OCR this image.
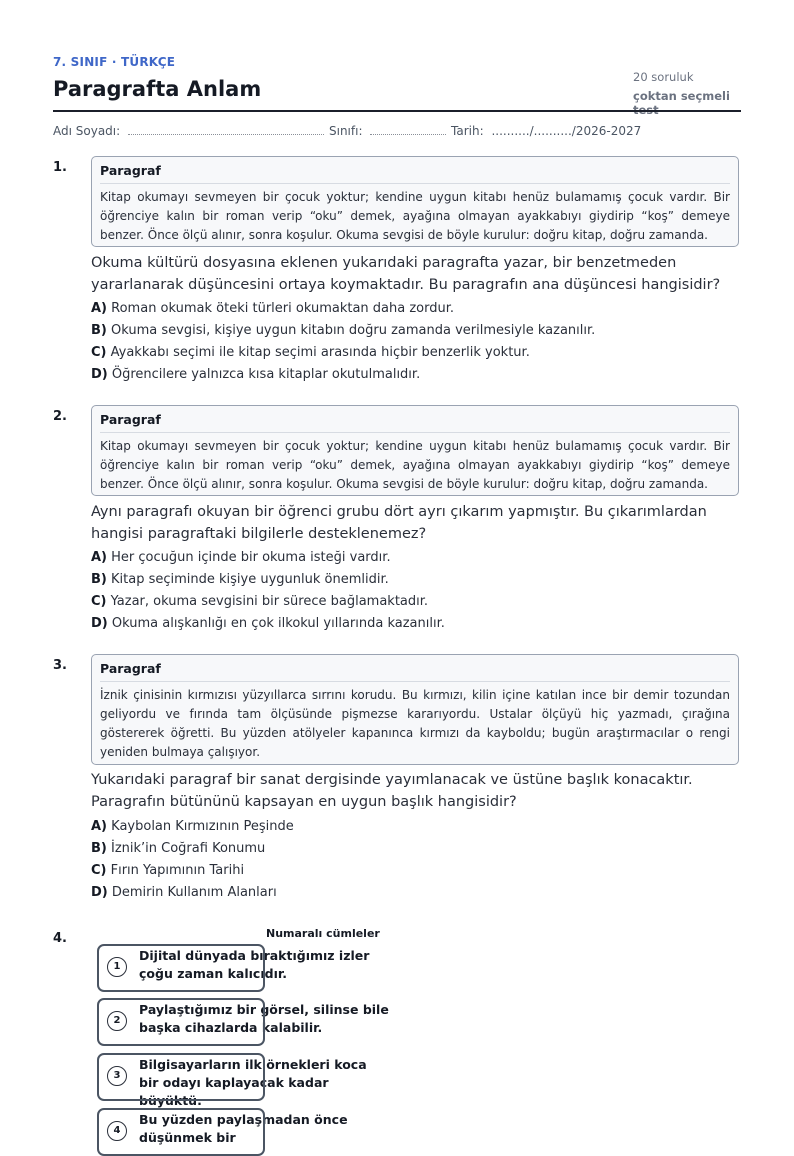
7. SINIF · TÜRKÇE
Paragrafta Anlam	20 soruluk
çoktan seçmeli
Adı Soyadı:	Sınıfı:	Tarih: ........../........../2026-2027
1.	Paragraf
Kitap okumayı sevmeyen bir çocuk yoktur; kendine uygun kitabı henüz bulamamış çocuk vardır. Bir öğrenciye kalın bir roman verip “oku” demek, ayağına olmayan ayakkabıyı giydirip “koş” demeye benzer. Önce ölçü alınır, sonra koşulur. Okuma sevgisi de böyle kurulur: doğru kitap, doğru zamanda.
Okuma kültürü dosyasına eklenen yukarıdaki paragrafta yazar, bir benzetmeden yararlanarak düşüncesini ortaya koymaktadır. Bu paragrafın ana düşüncesi hangisidir?
A) Roman okumak öteki türleri okumaktan daha zordur.
B) Okuma sevgisi, kişiye uygun kitabın doğru zamanda verilmesiyle kazanılır.
C) Ayakkabı seçimi ile kitap seçimi arasında hiçbir benzerlik yoktur.
D) Öğrencilere yalnızca kısa kitaplar okutulmalıdır.
2.	Paragraf
Kitap okumayı sevmeyen bir çocuk yoktur; kendine uygun kitabı henüz bulamamış çocuk vardır. Bir öğrenciye kalın bir roman verip “oku” demek, ayağına olmayan ayakkabıyı giydirip “koş” demeye benzer. Önce ölçü alınır, sonra koşulur. Okuma sevgisi de böyle kurulur: doğru kitap, doğru zamanda.
Aynı paragrafı okuyan bir öğrenci grubu dört ayrı çıkarım yapmıştır. Bu çıkarımlardan hangisi paragraftaki bilgilerle desteklenemez?
A) Her çocuğun içinde bir okuma isteği vardır.
B) Kitap seçiminde kişiye uygunluk önemlidir.
C) Yazar, okuma sevgisini bir sürece bağlamaktadır.
D) Okuma alışkanlığı en çok ilkokul yıllarında kazanılır.
3.	Paragraf
İznik çinisinin kırmızısı yüzyıllarca sırrını korudu. Bu kırmızı, kilin içine katılan ince bir demir tozundan geliyordu ve fırında tam ölçüsünde pişmezse kararıyordu. Ustalar ölçüyü hiç yazmadı, çırağına göstererek öğretti. Bu yüzden atölyeler kapanınca kırmızı da kayboldu; bugün araştırmacılar o rengi yeniden bulmaya çalışıyor.
Yukarıdaki paragraf bir sanat dergisinde yayımlanacak ve üstüne başlık konacaktır. Paragrafın bütününü kapsayan en uygun başlık hangisidir?
A) Kaybolan Kırmızının Peşinde
B) İznik’in Coğrafi Konumu
C) Fırın Yapımının Tarihi
D) Demirin Kullanım Alanları
4.	Numaralı cümleler
Dijital dünyada bıraktığımız izler çoğu zaman kalıcıdır.
1
Paylaştığımız bir görsel, silinse bile başka cihazlarda kalabilir.
2
Bilgisayarların ilk örnekleri koca bir odayı kaplayacak kadar büyüktü.
3
Bu yüzden paylaşmadan önce düşünmek bir
4
